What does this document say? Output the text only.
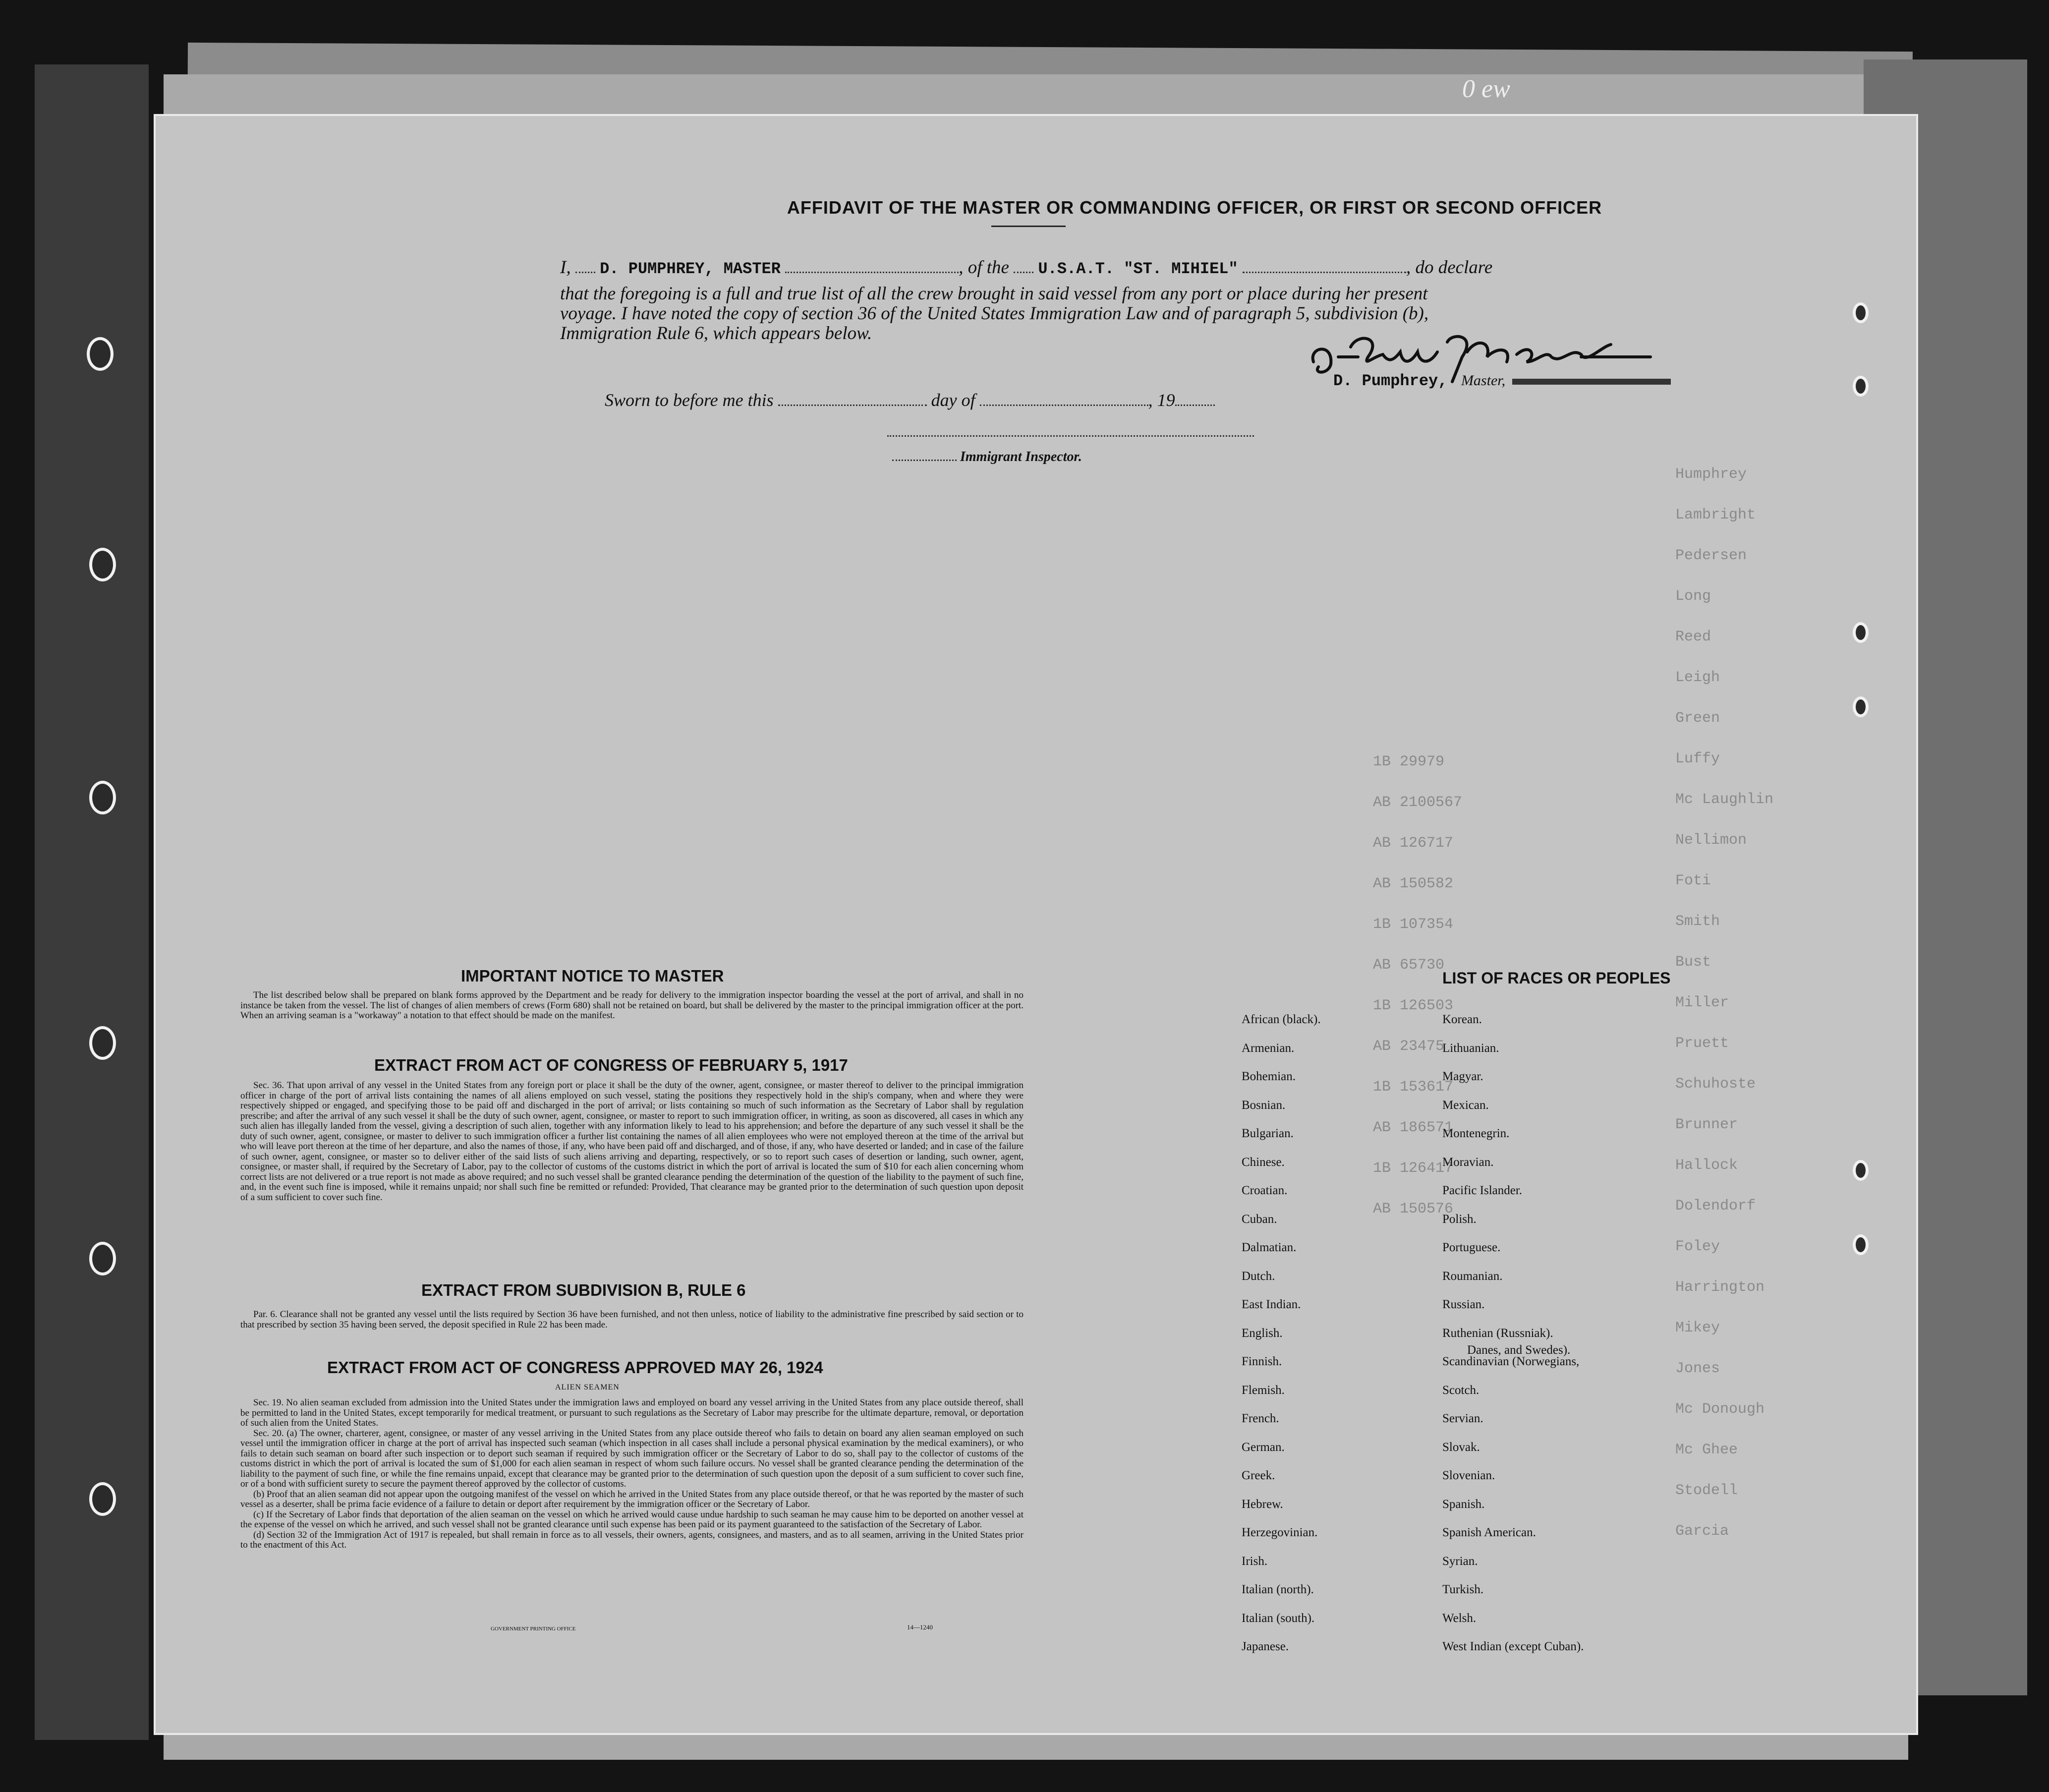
0 ew
Humphrey
Lambright
Pedersen
Long
Reed
Leigh
Green
Luffy
Mc Laughlin
Nellimon
Foti
Smith
Bust
Miller
Pruett
Schuhoste
Brunner
Hallock
Dolendorf
Foley
Harrington
Mikey
Jones
Mc Donough
Mc Ghee
Stodell
Garcia
1B 29979
AB 2100567
AB 126717
AB 150582
1B 107354
AB 65730
1B 126503
AB 23475
1B 153617
AB 186571
1B 126417
AB 150576
AFFIDAVIT OF THE MASTER OR COMMANDING OFFICER, OR FIRST OR SECOND OFFICER
I, D. PUMPHREY, MASTER	, of the U.S.A.T. "ST. MIHIEL"	, do declare
that the foregoing is a full and true list of all the crew brought in said vessel from any port or place during her present
voyage. I have noted the copy of section 36 of the United States Immigration Law and of paragraph 5, subdivision (b),
Immigration Rule 6, which appears below.
D. Pumphrey, Master,
Sworn to before me this	day of	, 19
Immigrant Inspector.
IMPORTANT NOTICE TO MASTER

The list described below shall be prepared on blank forms approved by the Department and be ready for delivery to the immigration inspector boarding the vessel at the port of arrival, and shall in no instance be taken from the vessel. The list of changes of alien members of crews (Form 680) shall not be retained on board, but shall be delivered by the master to the principal immigration officer at the port. When an arriving seaman is a "workaway" a notation to that effect should be made on the manifest.

EXTRACT FROM ACT OF CONGRESS OF FEBRUARY 5, 1917

Sec. 36. That upon arrival of any vessel in the United States from any foreign port or place it shall be the duty of the owner, agent, consignee, or master thereof to deliver to the principal immigration officer in charge of the port of arrival lists containing the names of all aliens employed on such vessel, stating the positions they respectively hold in the ship's company, when and where they were respectively shipped or engaged, and specifying those to be paid off and discharged in the port of arrival; or lists containing so much of such information as the Secretary of Labor shall by regulation prescribe; and after the arrival of any such vessel it shall be the duty of such owner, agent, consignee, or master to report to such immigration officer, in writing, as soon as discovered, all cases in which any such alien has illegally landed from the vessel, giving a description of such alien, together with any information likely to lead to his apprehension; and before the departure of any such vessel it shall be the duty of such owner, agent, consignee, or master to deliver to such immigration officer a further list containing the names of all alien employees who were not employed thereon at the time of the arrival but who will leave port thereon at the time of her departure, and also the names of those, if any, who have been paid off and discharged, and of those, if any, who have deserted or landed; and in case of the failure of such owner, agent, consignee, or master so to deliver either of the said lists of such aliens arriving and departing, respectively, or so to report such cases of desertion or landing, such owner, agent, consignee, or master shall, if required by the Secretary of Labor, pay to the collector of customs of the customs district in which the port of arrival is located the sum of $10 for each alien concerning whom correct lists are not delivered or a true report is not made as above required; and no such vessel shall be granted clearance pending the determination of the question of the liability to the payment of such fine, and, in the event such fine is imposed, while it remains unpaid; nor shall such fine be remitted or refunded: Provided, That clearance may be granted prior to the determination of such question upon deposit of a sum sufficient to cover such fine.

EXTRACT FROM SUBDIVISION B, RULE 6

Par. 6. Clearance shall not be granted any vessel until the lists required by Section 36 have been furnished, and not then unless, notice of liability to the administrative fine prescribed by said section or to that prescribed by section 35 having been served, the deposit specified in Rule 22 has been made.

EXTRACT FROM ACT OF CONGRESS APPROVED MAY 26, 1924
ALIEN SEAMEN

Sec. 19. No alien seaman excluded from admission into the United States under the immigration laws and employed on board any vessel arriving in the United States from any place outside thereof, shall be permitted to land in the United States, except temporarily for medical treatment, or pursuant to such regulations as the Secretary of Labor may prescribe for the ultimate departure, removal, or deportation of such alien from the United States.

Sec. 20. (a) The owner, charterer, agent, consignee, or master of any vessel arriving in the United States from any place outside thereof who fails to detain on board any alien seaman employed on such vessel until the immigration officer in charge at the port of arrival has inspected such seaman (which inspection in all cases shall include a personal physical examination by the medical examiners), or who fails to detain such seaman on board after such inspection or to deport such seaman if required by such immigration officer or the Secretary of Labor to do so, shall pay to the collector of customs of the customs district in which the port of arrival is located the sum of $1,000 for each alien seaman in respect of whom such failure occurs. No vessel shall be granted clearance pending the determination of the liability to the payment of such fine, or while the fine remains unpaid, except that clearance may be granted prior to the determination of such question upon the deposit of a sum sufficient to cover such fine, or of a bond with sufficient surety to secure the payment thereof approved by the collector of customs.

(b) Proof that an alien seaman did not appear upon the outgoing manifest of the vessel on which he arrived in the United States from any place outside thereof, or that he was reported by the master of such vessel as a deserter, shall be prima facie evidence of a failure to detain or deport after requirement by the immigration officer or the Secretary of Labor.

(c) If the Secretary of Labor finds that deportation of the alien seaman on the vessel on which he arrived would cause undue hardship to such seaman he may cause him to be deported on another vessel at the expense of the vessel on which he arrived, and such vessel shall not be granted clearance until such expense has been paid or its payment guaranteed to the satisfaction of the Secretary of Labor.

(d) Section 32 of the Immigration Act of 1917 is repealed, but shall remain in force as to all vessels, their owners, agents, consignees, and masters, and as to all seamen, arriving in the United States prior to the enactment of this Act.

GOVERNMENT PRINTING OFFICE	14—1240
LIST OF RACES OR PEOPLES
African (black).
Armenian.
Bohemian.
Bosnian.
Bulgarian.
Chinese.
Croatian.
Cuban.
Dalmatian.
Dutch.
East Indian.
English.
Finnish.
Flemish.
French.
German.
Greek.
Hebrew.
Herzegovinian.
Irish.
Italian (north).
Italian (south).
Japanese.
Korean.
Lithuanian.
Magyar.
Mexican.
Montenegrin.
Moravian.
Pacific Islander.
Polish.
Portuguese.
Roumanian.
Russian.
Ruthenian (Russniak).
Scandinavian (Norwegians,
Scotch.
Servian.
Slovak.
Slovenian.
Spanish.
Spanish American.
Syrian.
Turkish.
Welsh.
West Indian (except Cuban).
Danes, and Swedes).
